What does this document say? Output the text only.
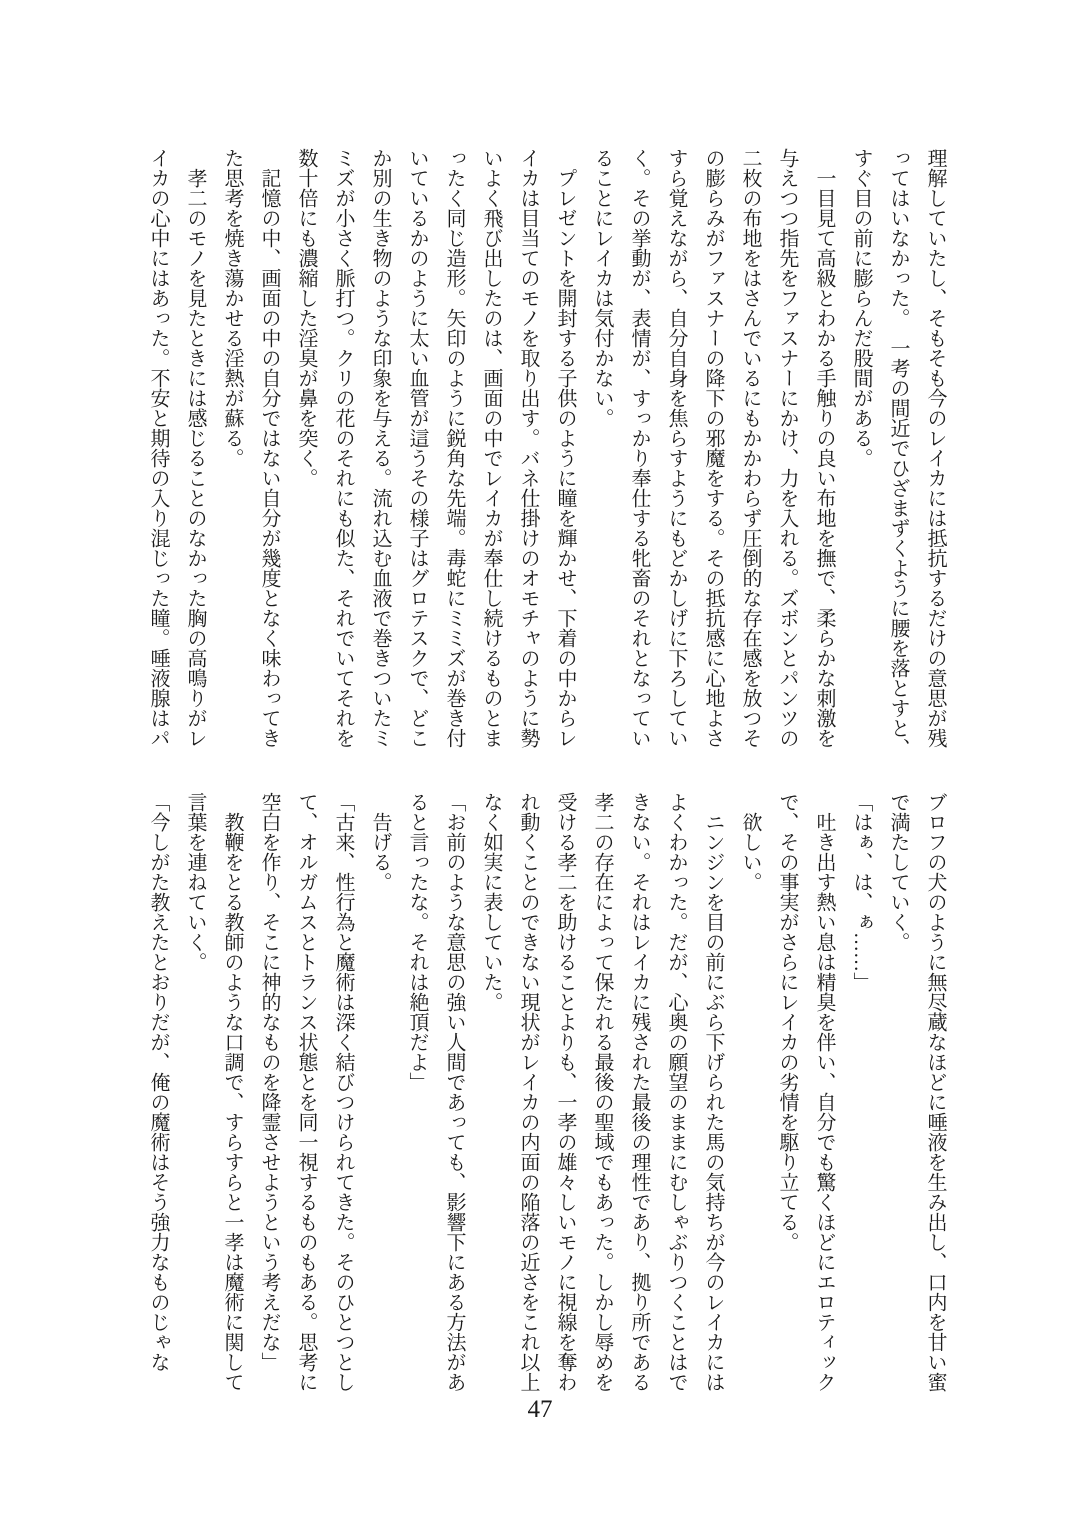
理解していたし、そもそも今のレイカには抵抗するだけの意思が残
ってはいなかった。　一考の間近でひざまずくように腰を落とすと、
すぐ目の前に膨らんだ股間がある。
　一目見て高級とわかる手触りの良い布地を撫で、柔らかな刺激を
与えつつ指先をファスナーにかけ、力を入れる。ズボンとパンツの
二枚の布地をはさんでいるにもかかわらず圧倒的な存在感を放つそ
の膨らみがファスナーの降下の邪魔をする。その抵抗感に心地よさ
すら覚えながら、自分自身を焦らすようにもどかしげに下ろしてい
く。その挙動が、表情が、すっかり奉仕する牝畜のそれとなってい
ることにレイカは気付かない。
　プレゼントを開封する子供のように瞳を輝かせ、下着の中からレ
イカは目当てのモノを取り出す。バネ仕掛けのオモチャのように勢
いよく飛び出したのは、画面の中でレイカが奉仕し続けるものとま
ったく同じ造形。矢印のように鋭角な先端。毒蛇にミミズが巻き付
いているかのように太い血管が這うその様子はグロテスクで、どこ
か別の生き物のような印象を与える。流れ込む血液で巻きついたミ
ミズが小さく脈打つ。クリの花のそれにも似た、それでいてそれを
数十倍にも濃縮した淫臭が鼻を突く。
　記憶の中、画面の中の自分ではない自分が幾度となく味わってき
た思考を焼き蕩かせる淫熱が蘇る。
　孝二のモノを見たときには感じることのなかった胸の高鳴りがレ
イカの心中にはあった。不安と期待の入り混じった瞳。唾液腺はパ
ブロフの犬のように無尽蔵なほどに唾液を生み出し、口内を甘い蜜
で満たしていく。
「はぁ、は、ぁ……」
　吐き出す熱い息は精臭を伴い、自分でも驚くほどにエロティック
で、その事実がさらにレイカの劣情を駆り立てる。
　欲しい。
　ニンジンを目の前にぶら下げられた馬の気持ちが今のレイカには
よくわかった。だが、心奥の願望のままにむしゃぶりつくことはで
きない。それはレイカに残された最後の理性であり、拠り所である
孝二の存在によって保たれる最後の聖域でもあった。しかし辱めを
受ける孝二を助けることよりも、一孝の雄々しいモノに視線を奪わ
れ動くことのできない現状がレイカの内面の陥落の近さをこれ以上
なく如実に表していた。
「お前のような意思の強い人間であっても、影響下にある方法があ
ると言ったな。それは絶頂だよ」
　告げる。
「古来、性行為と魔術は深く結びつけられてきた。そのひとつとし
て、オルガムスとトランス状態とを同一視するものもある。思考に
空白を作り、そこに神的なものを降霊させようという考えだな」
　教鞭をとる教師のような口調で、すらすらと一孝は魔術に関して
言葉を連ねていく。
「今しがた教えたとおりだが、俺の魔術はそう強力なものじゃな
47
